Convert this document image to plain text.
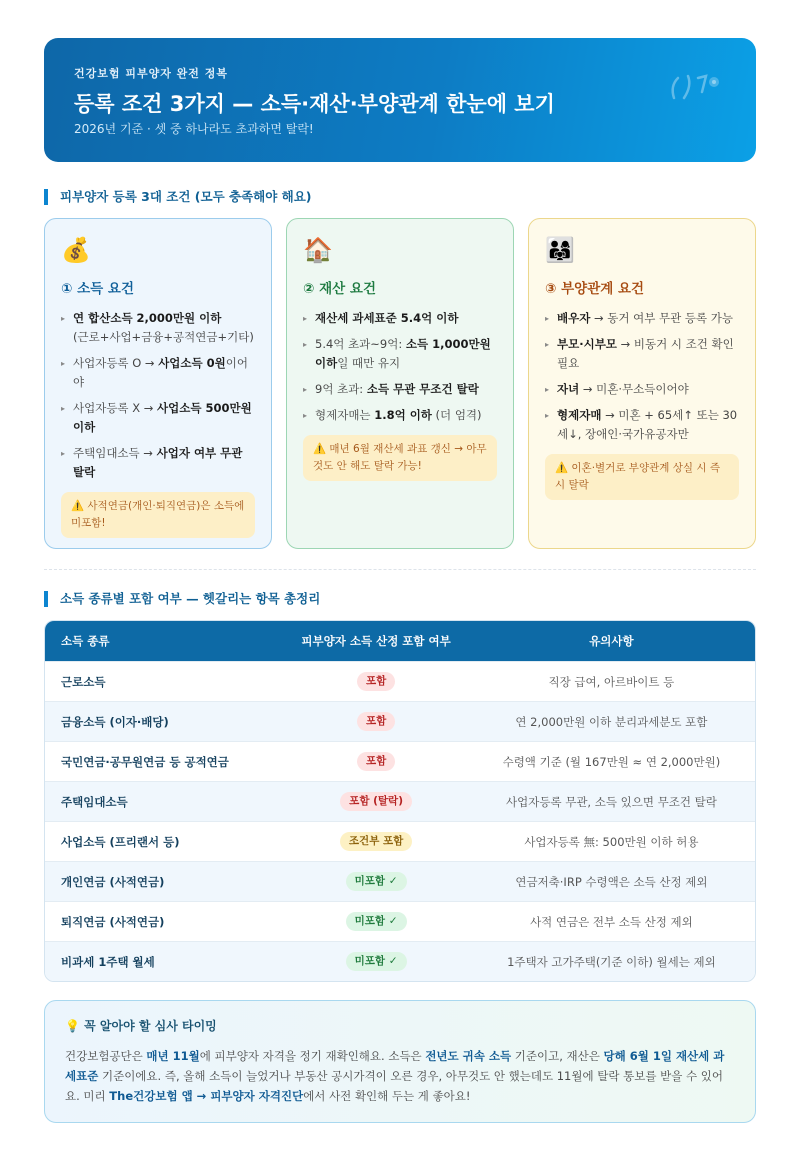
건강보험 피부양자 완전 정복
등록 조건 3가지 — 소득·재산·부양관계 한눈에 보기
2026년 기준 · 셋 중 하나라도 초과하면 탈락!
피부양자 등록 3대 조건 (모두 충족해야 해요)
💰
① 소득 요건
▸ 연 합산소득 2,000만원 이하
(근로+사업+금융+공적연금+기타)
▸ 사업자등록 O → 사업소득 0원이어야
▸ 사업자등록 X → 사업소득 500만원 이하
▸ 주택임대소득 → 사업자 여부 무관 탈락
⚠️ 사적연금(개인·퇴직연금)은 소득에 미포함!
🏠
② 재산 요건
▸ 재산세 과세표준 5.4억 이하
▸ 5.4억 초과~9억: 소득 1,000만원 이하일 때만 유지
▸ 9억 초과: 소득 무관 무조건 탈락
▸ 형제자매는 1.8억 이하 (더 엄격)
⚠️ 매년 6월 재산세 과표 갱신 → 아무것도 안 해도 탈락 가능!
👨‍👩‍👧
③ 부양관계 요건
▸ 배우자 → 동거 여부 무관 등록 가능
▸ 부모·시부모 → 비동거 시 조건 확인 필요
▸ 자녀 → 미혼·무소득이어야
▸ 형제자매 → 미혼 + 65세↑ 또는 30세↓, 장애인·국가유공자만
⚠️ 이혼·별거로 부양관계 상실 시 즉시 탈락
소득 종류별 포함 여부 — 헷갈리는 항목 총정리
소득 종류	피부양자 소득 산정 포함 여부	유의사항
근로소득	포함	직장 급여, 아르바이트 등
금융소득 (이자·배당)	포함	연 2,000만원 이하 분리과세분도 포함
국민연금·공무원연금 등 공적연금	포함	수령액 기준 (월 167만원 ≈ 연 2,000만원)
주택임대소득	포함 (탈락)	사업자등록 무관, 소득 있으면 무조건 탈락
사업소득 (프리랜서 등)	조건부 포함	사업자등록 無: 500만원 이하 허용
개인연금 (사적연금)	미포함 ✓	연금저축·IRP 수령액은 소득 산정 제외
퇴직연금 (사적연금)	미포함 ✓	사적 연금은 전부 소득 산정 제외
비과세 1주택 월세	미포함 ✓	1주택자 고가주택(기준 이하) 월세는 제외
💡 꼭 알아야 할 심사 타이밍

건강보험공단은 매년 11월에 피부양자 자격을 정기 재확인해요. 소득은 전년도 귀속 소득 기준이고, 재산은 당해 6월 1일 재산세 과세표준 기준이에요. 즉, 올해 소득이 늘었거나 부동산 공시가격이 오른 경우, 아무것도 안 했는데도 11월에 탈락 통보를 받을 수 있어요. 미리 The건강보험 앱 → 피부양자 자격진단에서 사전 확인해 두는 게 좋아요!
